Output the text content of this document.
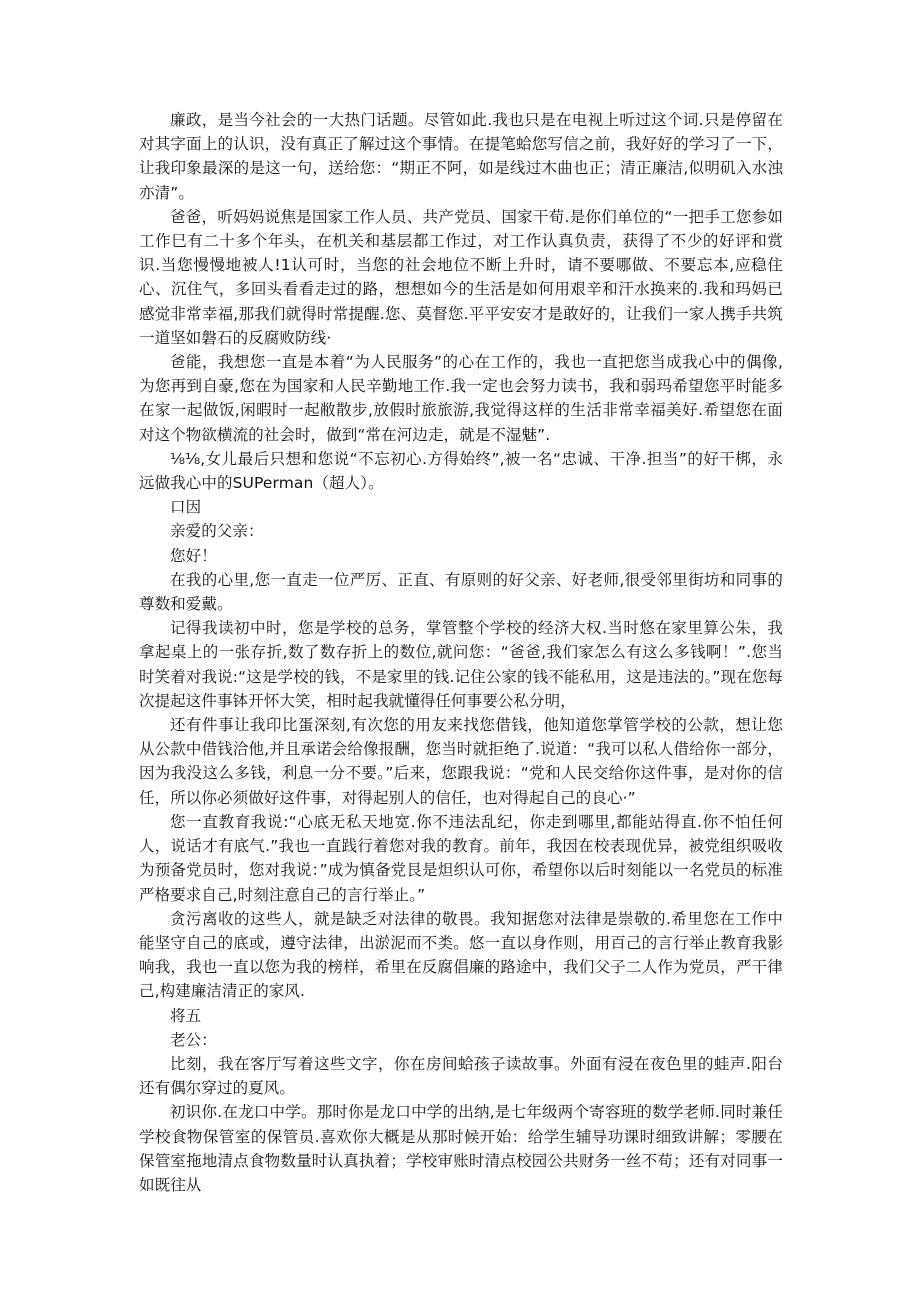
廉政，是当今社会的一大热门话题。尽管如此.我也只是在电视上听过这个词.只是停留在对其字面上的认识，没有真正了解过这个事情。在提笔蛤您写信之前，我好好的学习了一下，让我印象最深的是这一句，送给您：“期正不阿，如是线过木曲也正；清正廉洁,似明矶入水浊亦清”。

爸爸，听妈妈说焦是国家工作人员、共产党员、国家干荀.是你们单位的“一把手工您参如工作巳有二十多个年头，在机关和基层都工作过，对工作认真负责，获得了不少的好评和赏识.当您慢慢地被人!1认可时，当您的社会地位不断上升时，请不要哪做、不要忘本,应稳住心、沉住气，多回头看看走过的路，想想如今的生活是如何用艰辛和汗水换来的.我和玛妈已感觉非常幸福,那我们就得时常提醒.您、莫督您.平平安安才是敢好的，让我们一家人携手共筑一道坚如磐石的反腐败防线·

爸能，我想您一直是本着“为人民服务”的心在工作的，我也一直把您当成我心中的偶像,为您再到自豪,您在为国家和人民辛勤地工作.我一定也会努力读书，我和弱玛希望您平时能多在家一起做饭,闲暇时一起敝散步,放假时旅旅游,我觉得这样的生活非常幸福美好.希望您在面对这个物欲横流的社会时，做到“常在河边走，就是不湿魅”.

⅛⅛,女儿最后只想和您说“不忘初心.方得始终”,被一名“忠诚、干净.担当”的好干梆，永远做我心中的SUPerman（超人）。

口因

亲爱的父亲：

您好！

在我的心里,您一直走一位严厉、正直、有原则的好父亲、好老师,很受邻里街坊和同事的尊数和爱戴。

记得我读初中时，您是学校的总务，掌管整个学校的经济大权.当时悠在家里算公朱，我拿起桌上的一张存折,数了数存折上的数位,就问您：“爸爸,我们家怎么有这么多钱啊！”.您当时笑着对我说:“这是学校的钱，不是家里的钱.记住公家的钱不能私用，这是违法的。”现在您每次提起这件事钵开怀大笑，相时起我就懂得任何事要公私分明，

还有件事让我印比蛋深刻,有次您的用友来找您借钱，他知道您掌管学校的公款，想让您从公款中借钱洽他,并且承诺会给像报酬，您当时就拒绝了.说道：“我可以私人借给你一部分，因为我没这么多钱，利息一分不要。”后来，您跟我说：“党和人民交给你这件事，是对你的信任，所以你必须做好这件事，对得起别人的信任，也对得起自己的良心·”

您一直教育我说:“心底无私天地宽.你不违法乱纪，你走到哪里,都能站得直.你不怕任何人，说话才有底气.”我也一直践行着您对我的教育。前年，我因在校表现优异，被党组织吸收为预备党员时，您对我说：”成为慎备党艮是炟织认可你，希望你以后时刻能以一名党员的标准严格要求自己,时刻注意自己的言行举止。”

贪污离收的这些人，就是缺乏对法律的敬畏。我知据您对法律是崇敬的.希里您在工作中能坚守自己的底或，遵守法律，出淤泥而不类。悠一直以身作则，用百己的言行举止教育我影响我，我也一直以您为我的榜样，希里在反腐倡廉的路途中，我们父子二人作为党员，严干律己,构建廉洁清正的家风.

将五

老公：

比刻，我在客厅写着这些文字，你在房间蛤孩子读故事。外面有浸在夜色里的蛙声.阳台还有偶尔穿过的夏风。

初识你.在龙口中学。那时你是龙口中学的出纳,是七年级两个寄容班的数学老师.同时兼任学校食物保管室的保管员.喜欢你大概是从那时候开始：给学生辅导功课时细致讲解；零腰在保管室拖地清点食物数量时认真执着；学校审账时清点校园公共财务一丝不苟；还有对同事一如既往从
